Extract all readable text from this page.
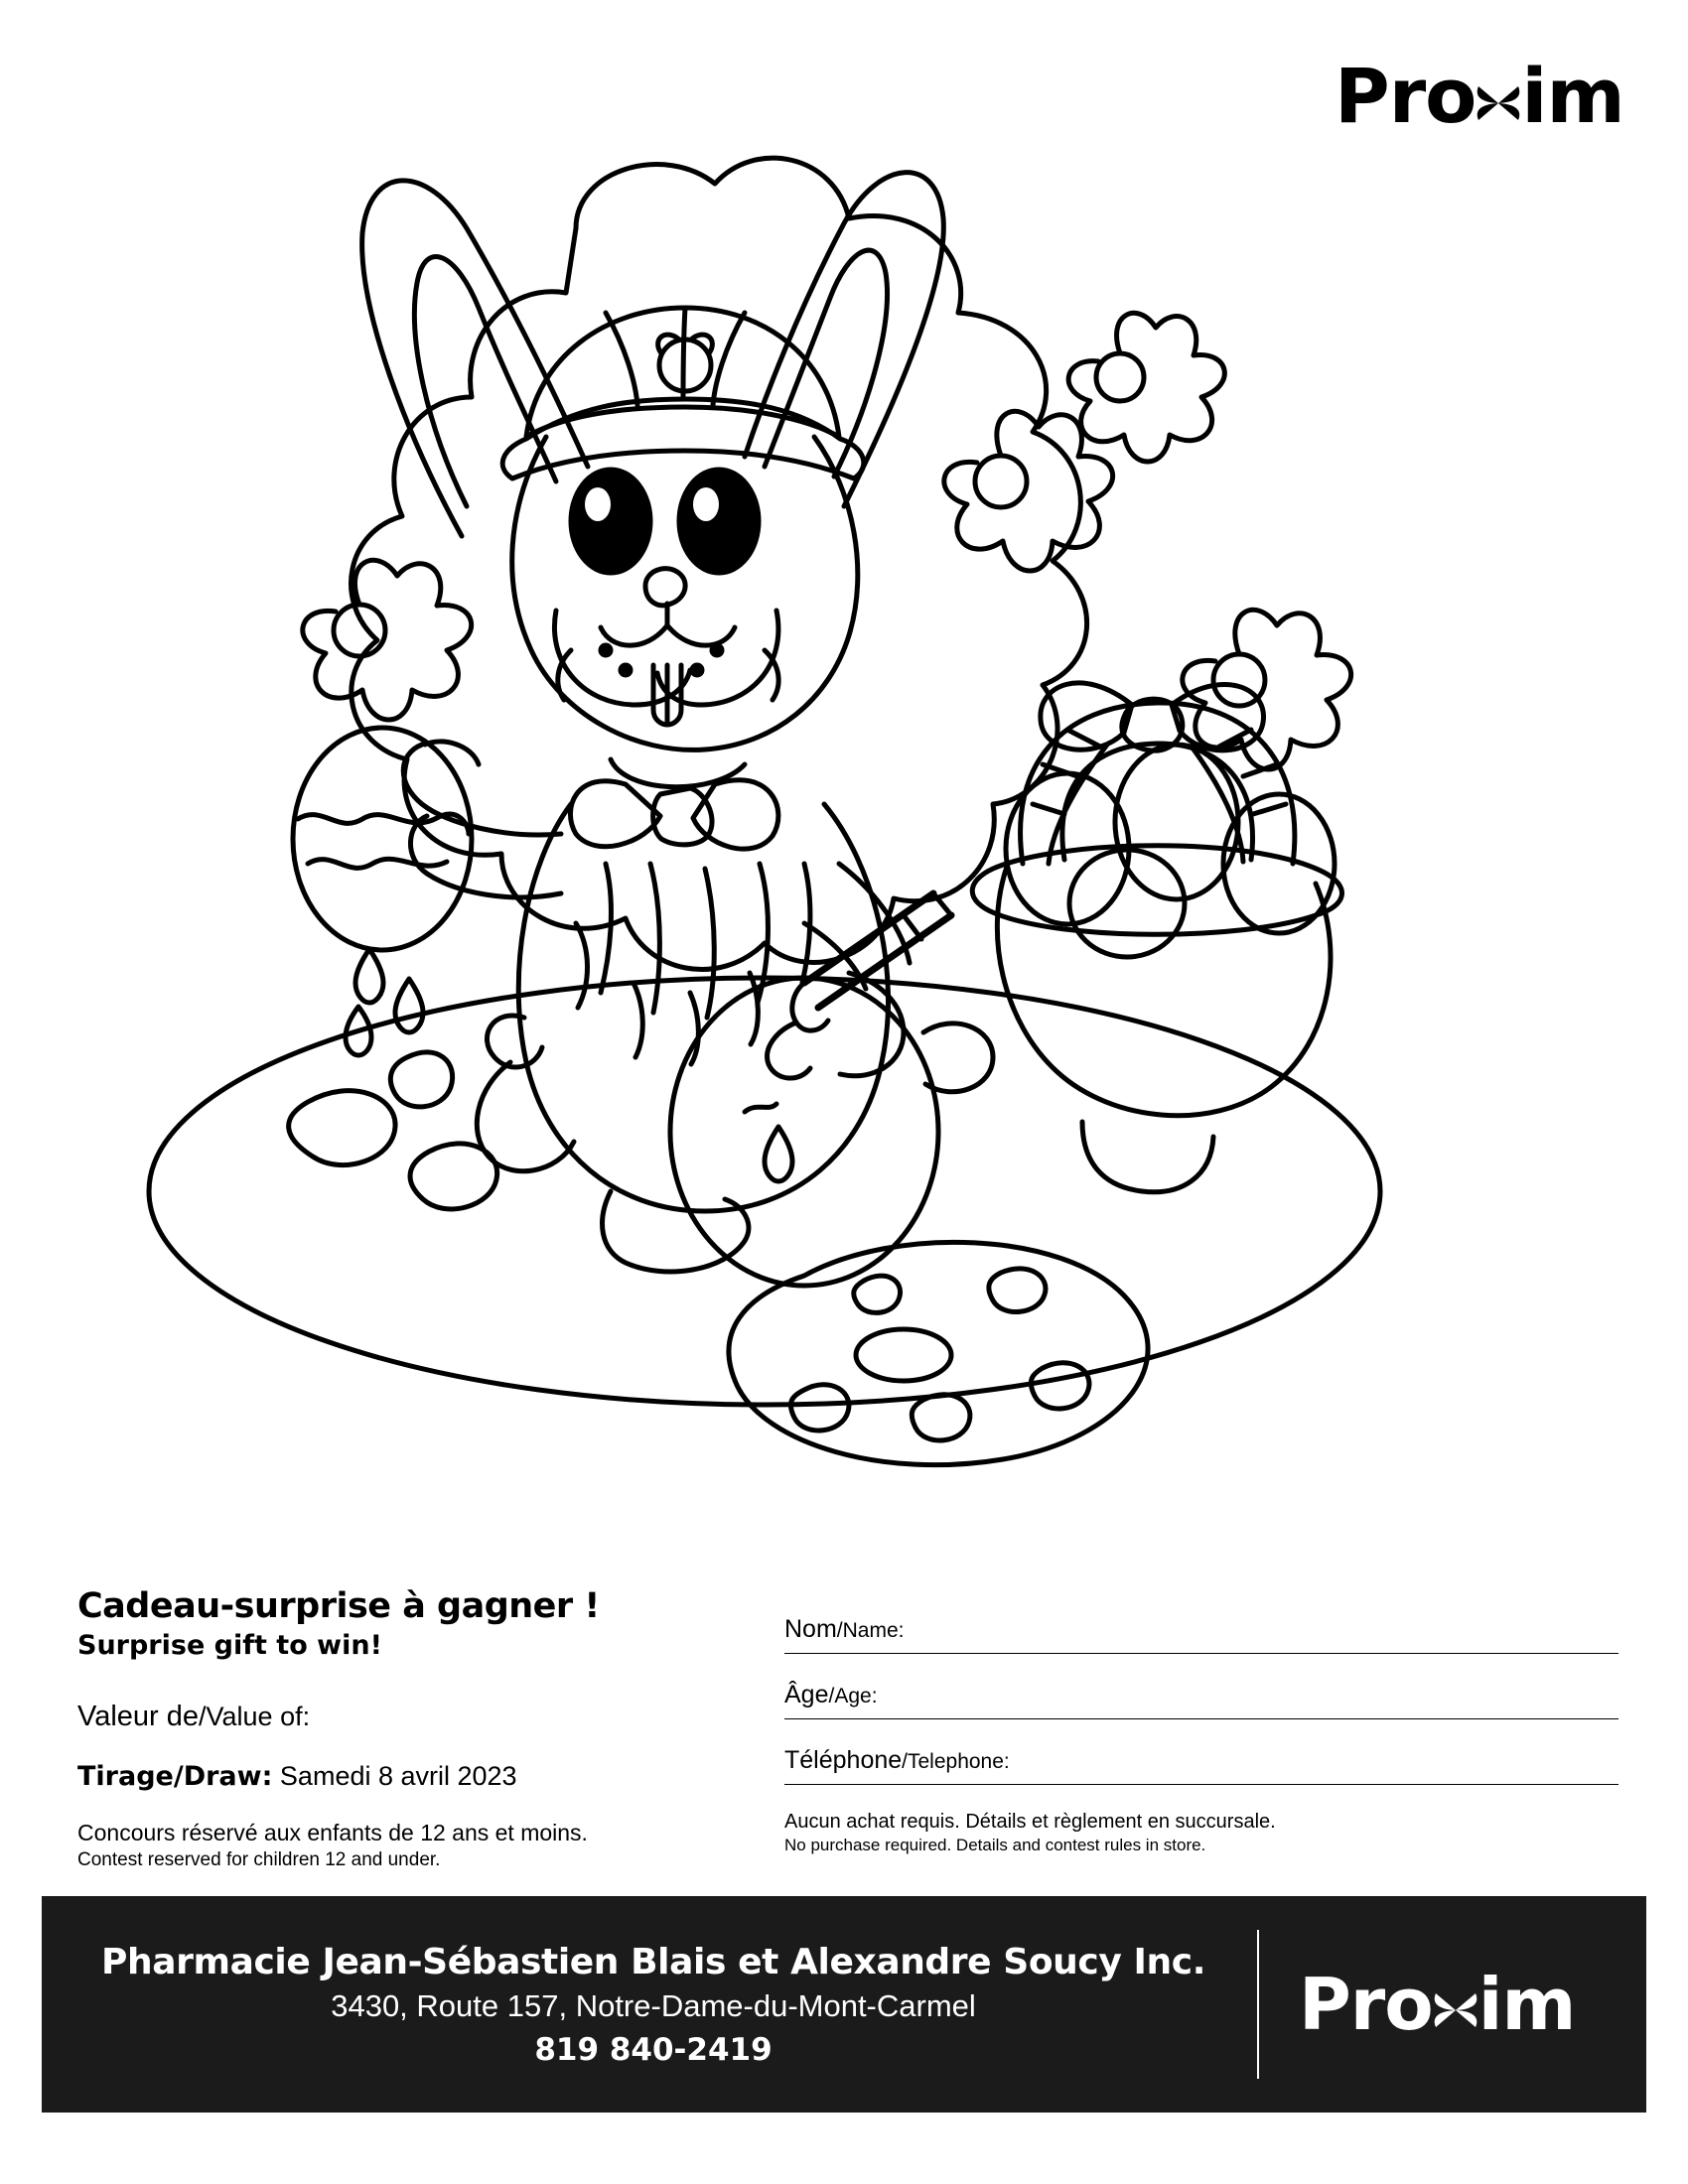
Pro im

Cadeau-surprise à gagner !

Surprise gift to win!

Valeur de/Value of:

Tirage/Draw: Samedi 8 avril 2023

Concours réservé aux enfants de 12 ans et moins.

Contest reserved for children 12 and under.

Nom/Name:
Âge/Age:
Téléphone/Telephone:

Aucun achat requis. Détails et règlement en succursale.

No purchase required. Details and contest rules in store.

Pharmacie Jean-Sébastien Blais et Alexandre Soucy Inc.

3430, Route 157, Notre-Dame-du-Mont-Carmel

819 840-2419

Pro im
